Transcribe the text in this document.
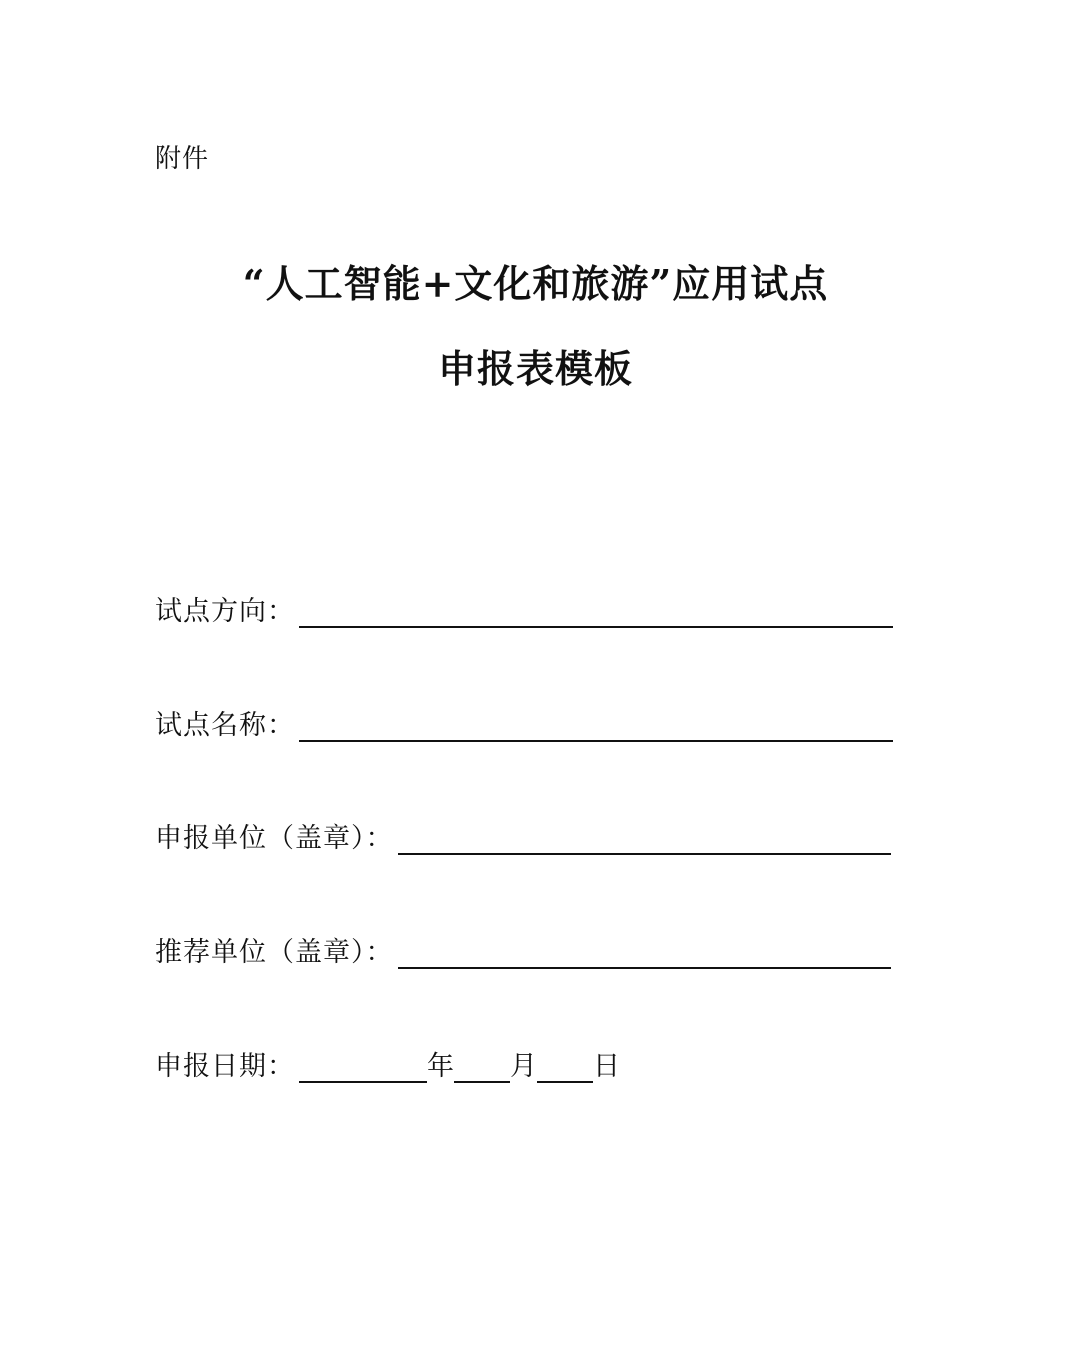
附件
“人工智能+文化和旅游”应用试点
申报表模板
试点方向：
试点名称：
申报单位（盖章）：
推荐单位（盖章）：
申报日期：	年 月 日
